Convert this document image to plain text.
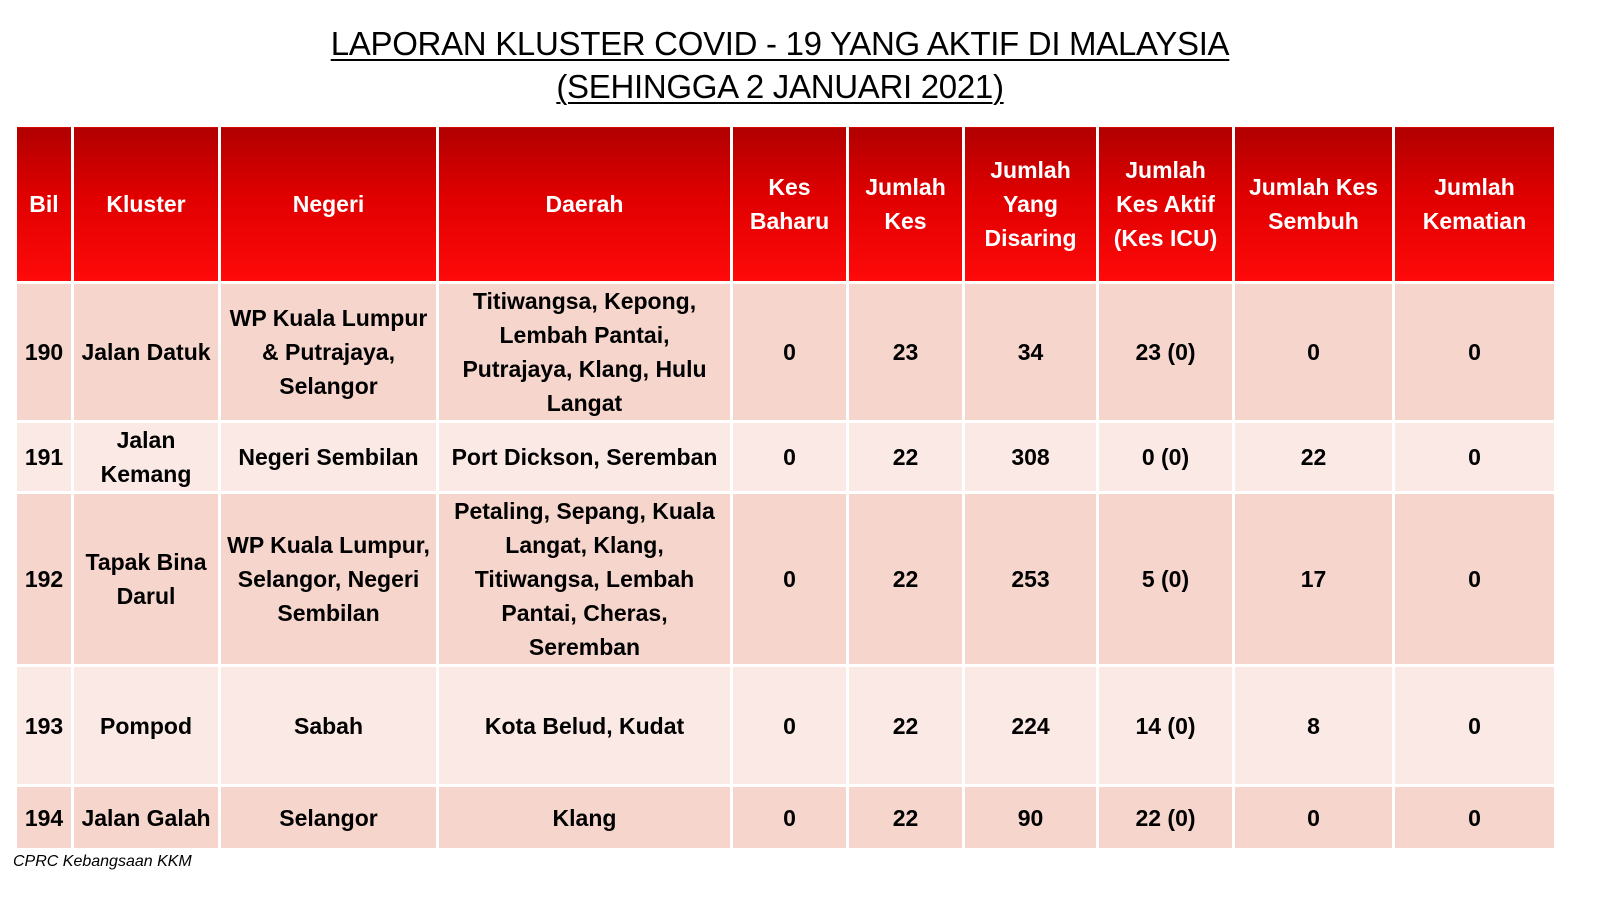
LAPORAN KLUSTER COVID - 19 YANG AKTIF DI MALAYSIA
(SEHINGGA 2 JANUARI 2021)
Bil	Kluster	Negeri	Daerah	Kes Baharu	Jumlah Kes	Jumlah Yang Disaring	Jumlah Kes Aktif (Kes ICU)	Jumlah Kes Sembuh	Jumlah Kematian
190	Jalan Datuk	WP Kuala Lumpur & Putrajaya, Selangor	Titiwangsa, Kepong, Lembah Pantai, Putrajaya, Klang, Hulu Langat	0	23	34	23 (0)	0	0
191	Jalan Kemang	Negeri Sembilan	Port Dickson, Seremban	0	22	308	0 (0)	22	0
192	Tapak Bina Darul	WP Kuala Lumpur, Selangor, Negeri Sembilan	Petaling, Sepang, Kuala Langat, Klang, Titiwangsa, Lembah Pantai, Cheras, Seremban	0	22	253	5 (0)	17	0
193	Pompod	Sabah	Kota Belud, Kudat	0	22	224	14 (0)	8	0
194	Jalan Galah	Selangor	Klang	0	22	90	22 (0)	0	0
CPRC Kebangsaan KKM
